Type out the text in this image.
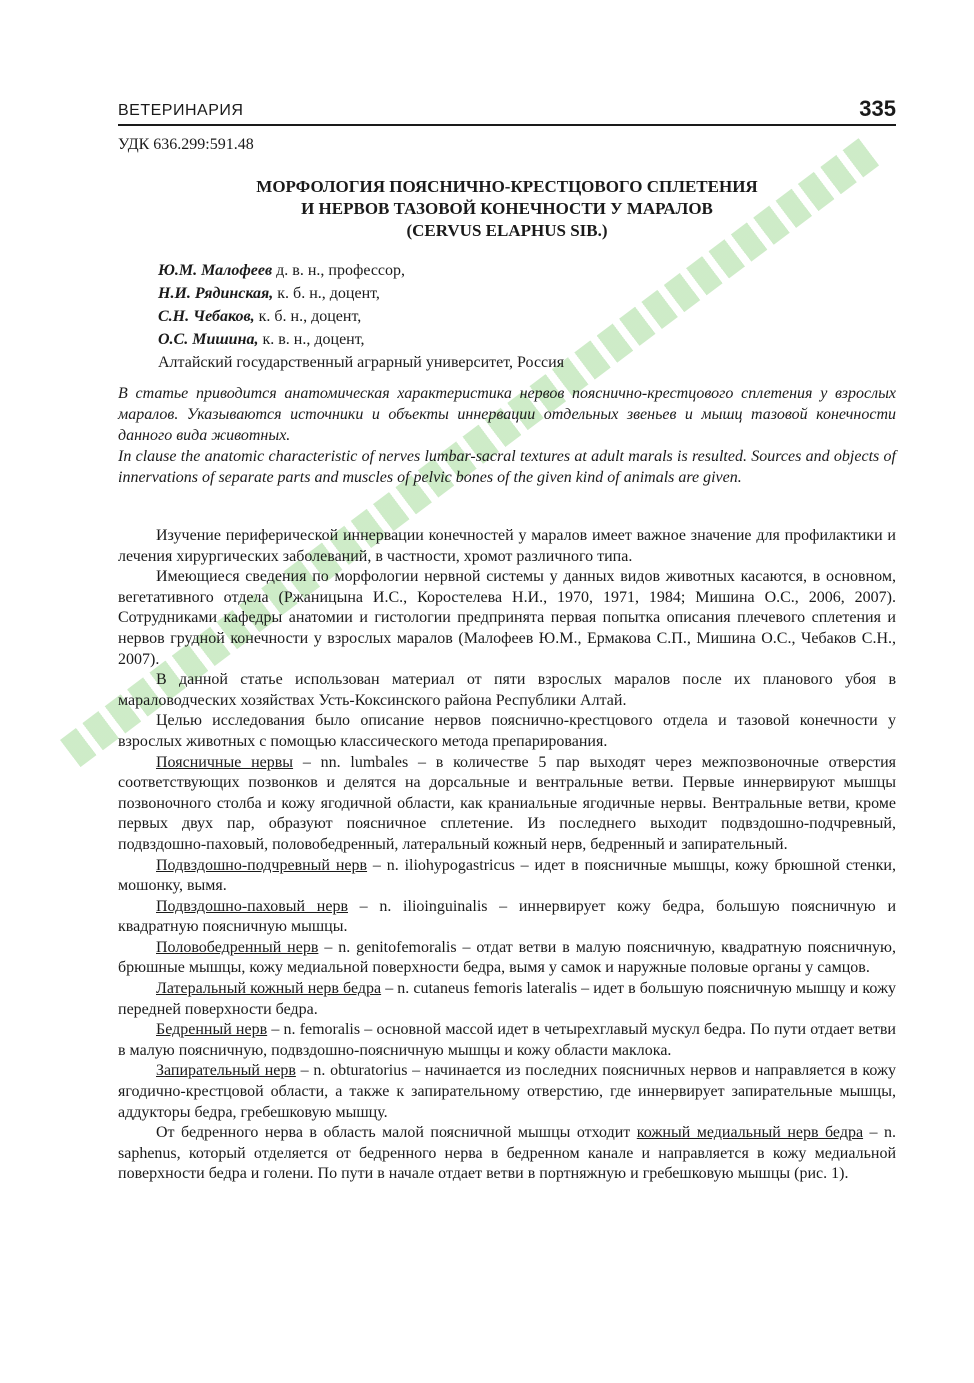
ВЕТЕРИНАРИЯ	335
УДК 636.299:591.48
МОРФОЛОГИЯ ПОЯСНИЧНО-КРЕСТЦОВОГО СПЛЕТЕНИЯ
И НЕРВОВ ТАЗОВОЙ КОНЕЧНОСТИ У МАРАЛОВ
(CERVUS ELAPHUS SIB.)
Ю.М. Малофеев д. в. н., профессор,
Н.И. Рядинская, к. б. н., доцент,
С.Н. Чебаков, к. б. н., доцент,
О.С. Мишина, к. в. н., доцент,
Алтайский государственный аграрный университет, Россия

В статье приводится анатомическая характеристика нервов пояснично-крестцового сплетения у взрослых маралов. Указываются источники и объекты иннервации отдельных звеньев и мышц тазовой конечности данного вида животных.

In clause the anatomic characteristic of nerves lumbar-sacral textures at adult marals is resulted. Sources and objects of innervations of separate parts and muscles of pelvic bones of the given kind of animals are given.

Изучение периферической иннервации конечностей у маралов имеет важное значение для профилактики и лечения хирургических заболеваний, в частности, хромот различного типа.

Имеющиеся сведения по морфологии нервной системы у данных видов животных касаются, в основном, вегетативного отдела (Ржаницына И.С., Коростелева Н.И., 1970, 1971, 1984; Мишина О.С., 2006, 2007). Сотрудниками кафедры анатомии и гистологии предпринята первая попытка описания плечевого сплетения и нервов грудной конечности у взрослых маралов (Малофеев Ю.М., Ермакова С.П., Мишина О.С., Чебаков С.Н., 2007).

В данной статье использован материал от пяти взрослых маралов после их планового убоя в мараловодческих хозяйствах Усть-Коксинского района Республики Алтай.

Целью исследования было описание нервов пояснично-крестцового отдела и тазовой конечности у взрослых животных с помощью классического метода препарирования.

Поясничные нервы – nn. lumbales – в количестве 5 пар выходят через межпозвоночные отверстия соответствующих позвонков и делятся на дорсальные и вентральные ветви. Первые иннервируют мышцы позвоночного столба и кожу ягодичной области, как краниальные ягодичные нервы. Вентральные ветви, кроме первых двух пар, образуют поясничное сплетение. Из последнего выходит подвздошно-подчревный, подвздошно-паховый, половобедренный, латеральный кожный нерв, бедренный и запирательный.

Подвздошно-подчревный нерв – n. iliohypogastricus – идет в поясничные мышцы, кожу брюшной стенки, мошонку, вымя.

Подвздошно-паховый нерв – n. ilioinguinalis – иннервирует кожу бедра, большую поясничную и квадратную поясничную мышцы.

Половобедренный нерв – n. genitofemoralis – отдат ветви в малую поясничную, квадратную поясничную, брюшные мышцы, кожу медиальной поверхности бедра, вымя у самок и наружные половые органы у самцов.

Латеральный кожный нерв бедра – n. cutaneus femoris lateralis – идет в большую поясничную мышцу и кожу передней поверхности бедра.

Бедренный нерв – n. femoralis – основной массой идет в четырехглавый мускул бедра. По пути отдает ветви в малую поясничную, подвздошно-поясничную мышцы и кожу области маклока.

Запирательный нерв – n. obturatorius – начинается из последних поясничных нервов и направляется в кожу ягодично-крестцовой области, а также к запирательному отверстию, где иннервирует запирательные мышцы, аддукторы бедра, гребешковую мышцу.

От бедренного нерва в область малой поясничной мышцы отходит кожный медиальный нерв бедра – n. saphenus, который отделяется от бедренного нерва в бедренном канале и направляется в кожу медиальной поверхности бедра и голени. По пути в начале отдает ветви в портняжную и гребешковую мышцы (рис. 1).
